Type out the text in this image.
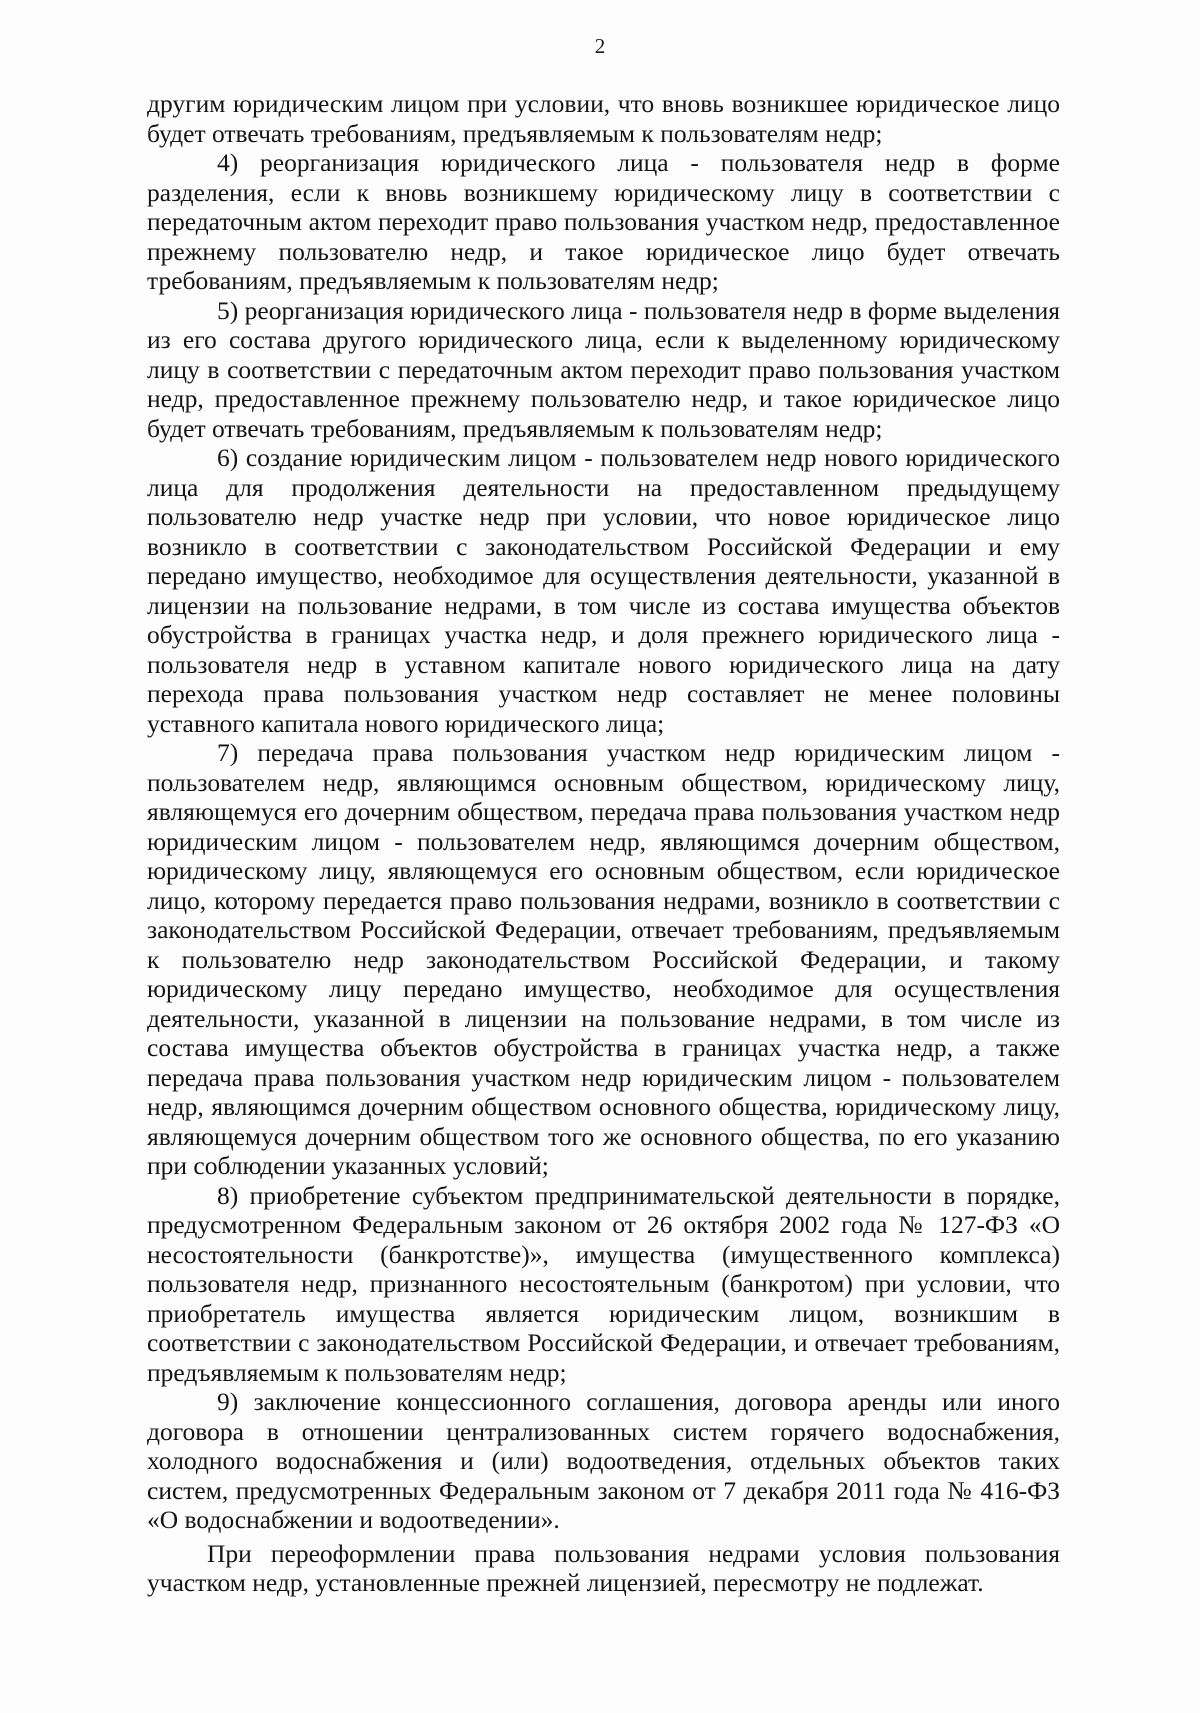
2

другим юридическим лицом при условии, что вновь возникшее юридическое лицо будет отвечать требованиям, предъявляемым к пользователям недр;

4) реорганизация юридического лица - пользователя недр в форме разделения, если к вновь возникшему юридическому лицу в соответствии с передаточным актом переходит право пользования участком недр, предоставленное прежнему пользователю недр, и такое юридическое лицо будет отвечать требованиям, предъявляемым к пользователям недр;

5) реорганизация юридического лица - пользователя недр в форме выделения из его состава другого юридического лица, если к выделенному юридическому лицу в соответствии с передаточным актом переходит право пользования участком недр, предоставленное прежнему пользователю недр, и такое юридическое лицо будет отвечать требованиям, предъявляемым к пользователям недр;

6) создание юридическим лицом - пользователем недр нового юридического лица для продолжения деятельности на предоставленном предыдущему пользователю недр участке недр при условии, что новое юридическое лицо возникло в соответствии с законодательством Российской Федерации и ему передано имущество, необходимое для осуществления деятельности, указанной в лицензии на пользование недрами, в том числе из состава имущества объектов обустройства в границах участка недр, и доля прежнего юридического лица - пользователя недр в уставном капитале нового юридического лица на дату перехода права пользования участком недр составляет не менее половины уставного капитала нового юридического лица;

7) передача права пользования участком недр юридическим лицом - пользователем недр, являющимся основным обществом, юридическому лицу, являющемуся его дочерним обществом, передача права пользования участком недр юридическим лицом - пользователем недр, являющимся дочерним обществом, юридическому лицу, являющемуся его основным обществом, если юридическое лицо, которому передается право пользования недрами, возникло в соответствии с законодательством Российской Федерации, отвечает требованиям, предъявляемым к пользователю недр законодательством Российской Федерации, и такому юридическому лицу передано имущество, необходимое для осуществления деятельности, указанной в лицензии на пользование недрами, в том числе из состава имущества объектов обустройства в границах участка недр, а также передача права пользования участком недр юридическим лицом - пользователем недр, являющимся дочерним обществом основного общества, юридическому лицу, являющемуся дочерним обществом того же основного общества, по его указанию при соблюдении указанных условий;

8) приобретение субъектом предпринимательской деятельности в порядке, предусмотренном Федеральным законом от 26 октября 2002 года № 127-ФЗ «О несостоятельности (банкротстве)», имущества (имущественного комплекса) пользователя недр, признанного несостоятельным (банкротом) при условии, что приобретатель имущества является юридическим лицом, возникшим в соответствии с законодательством Российской Федерации, и отвечает требованиям, предъявляемым к пользователям недр;

9) заключение концессионного соглашения, договора аренды или иного договора в отношении централизованных систем горячего водоснабжения, холодного водоснабжения и (или) водоотведения, отдельных объектов таких систем, предусмотренных Федеральным законом от 7 декабря 2011 года № 416-ФЗ «О водоснабжении и водоотведении».

При переоформлении права пользования недрами условия пользования участком недр, установленные прежней лицензией, пересмотру не подлежат.
